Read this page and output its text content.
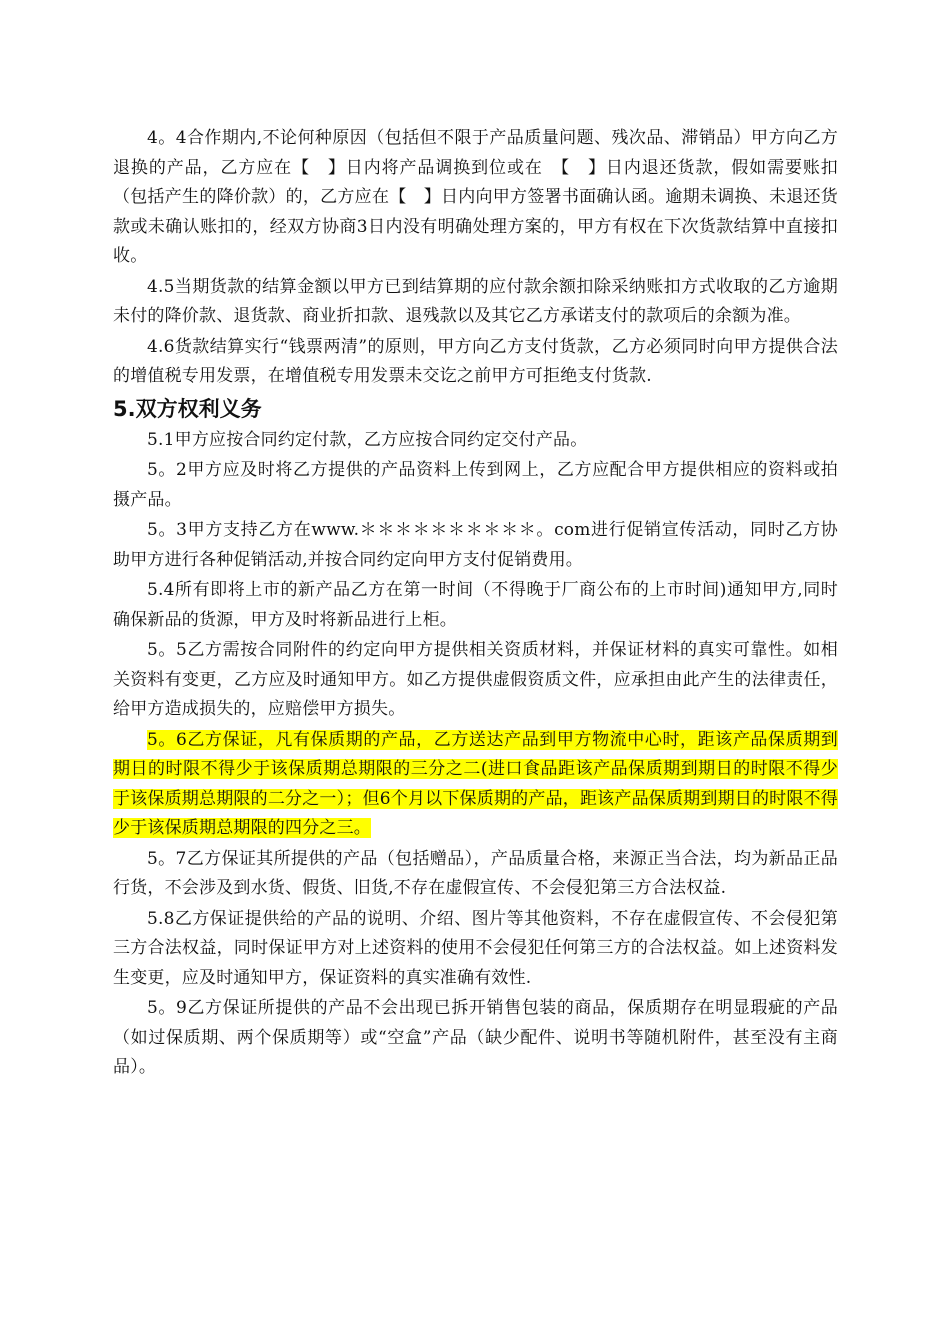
4。4合作期内,不论何种原因（包括但不限于产品质量问题、残次品、滞销品）甲方向乙方退换的产品，乙方应在【　】日内将产品调换到位或在　【　】日内退还货款，假如需要账扣（包括产生的降价款）的，乙方应在【　】日内向甲方签署书面确认函。逾期未调换、未退还货款或未确认账扣的，经双方协商3日内没有明确处理方案的，甲方有权在下次货款结算中直接扣收。

4.5当期货款的结算金额以甲方已到结算期的应付款余额扣除采纳账扣方式收取的乙方逾期未付的降价款、退货款、商业折扣款、退残款以及其它乙方承诺支付的款项后的余额为准。

4.6货款结算实行“钱票两清”的原则，甲方向乙方支付货款，乙方必须同时向甲方提供合法的增值税专用发票，在增值税专用发票未交讫之前甲方可拒绝支付货款.

5.双方权利义务

5.1甲方应按合同约定付款，乙方应按合同约定交付产品。

5。2甲方应及时将乙方提供的产品资料上传到网上，乙方应配合甲方提供相应的资料或拍摄产品。

5。3甲方支持乙方在www.＊＊＊＊＊＊＊＊＊＊。com进行促销宣传活动，同时乙方协助甲方进行各种促销活动,并按合同约定向甲方支付促销费用。

5.4所有即将上市的新产品乙方在第一时间（不得晚于厂商公布的上市时间)通知甲方,同时确保新品的货源，甲方及时将新品进行上柜。

5。5乙方需按合同附件的约定向甲方提供相关资质材料，并保证材料的真实可靠性。如相关资料有变更，乙方应及时通知甲方。如乙方提供虚假资质文件，应承担由此产生的法律责任，给甲方造成损失的，应赔偿甲方损失。

5。6乙方保证，凡有保质期的产品，乙方送达产品到甲方物流中心时，距该产品保质期到期日的时限不得少于该保质期总期限的三分之二(进口食品距该产品保质期到期日的时限不得少于该保质期总期限的二分之一）；但6个月以下保质期的产品，距该产品保质期到期日的时限不得少于该保质期总期限的四分之三。

5。7乙方保证其所提供的产品（包括赠品），产品质量合格，来源正当合法，均为新品正品行货，不会涉及到水货、假货、旧货,不存在虚假宣传、不会侵犯第三方合法权益.

5.8乙方保证提供给的产品的说明、介绍、图片等其他资料，不存在虚假宣传、不会侵犯第三方合法权益，同时保证甲方对上述资料的使用不会侵犯任何第三方的合法权益。如上述资料发生变更，应及时通知甲方，保证资料的真实准确有效性.

5。9乙方保证所提供的产品不会出现已拆开销售包装的商品，保质期存在明显瑕疵的产品（如过保质期、两个保质期等）或“空盒”产品（缺少配件、说明书等随机附件，甚至没有主商品）。
